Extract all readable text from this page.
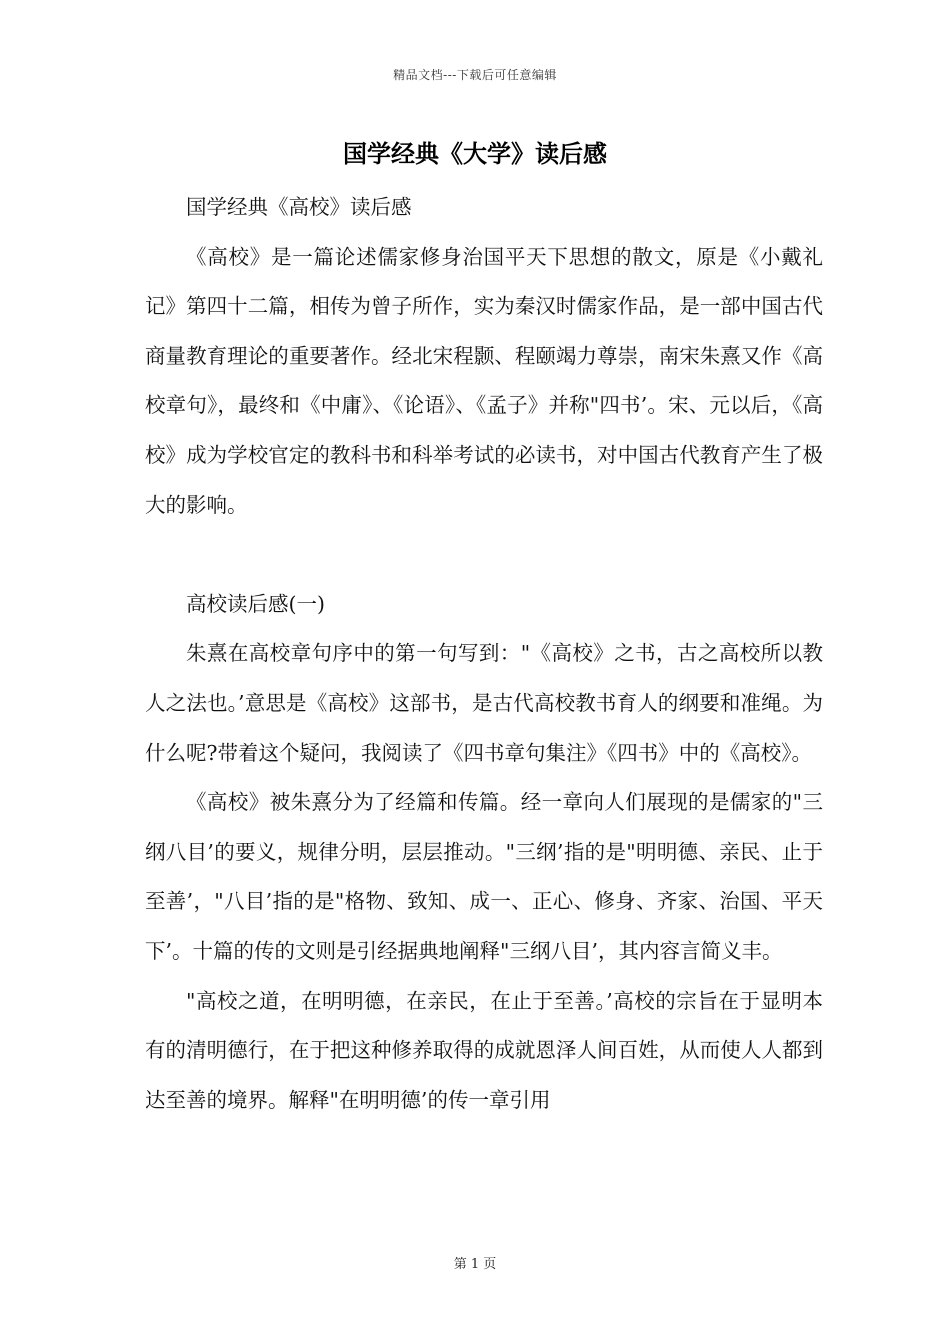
精品文档---下载后可任意编辑
国学经典《大学》读后感

国学经典《高校》读后感

《高校》是一篇论述儒家修身治国平天下思想的散文，原是《小戴礼记》第四十二篇，相传为曾子所作，实为秦汉时儒家作品，是一部中国古代商量教育理论的重要著作。经北宋程颢、程颐竭力尊崇，南宋朱熹又作《高校章句》，最终和《中庸》、《论语》、《孟子》并称"四书’。宋、元以后，《高校》成为学校官定的教科书和科举考试的必读书，对中国古代教育产生了极大的影响。

高校读后感(一)

朱熹在高校章句序中的第一句写到："《高校》之书，古之高校所以教人之法也。’意思是《高校》这部书，是古代高校教书育人的纲要和准绳。为什么呢?带着这个疑问，我阅读了《四书章句集注》《四书》中的《高校》。

《高校》被朱熹分为了经篇和传篇。经一章向人们展现的是儒家的"三纲八目’的要义，规律分明，层层推动。"三纲’指的是"明明德、亲民、止于至善’，"八目’指的是"格物、致知、成一、正心、修身、齐家、治国、平天下’。十篇的传的文则是引经据典地阐释"三纲八目’，其内容言简义丰。

"高校之道，在明明德，在亲民，在止于至善。’高校的宗旨在于显明本有的清明德行，在于把这种修养取得的成就恩泽人间百姓，从而使人人都到达至善的境界。解释"在明明德’的传一章引用

第 1 页
